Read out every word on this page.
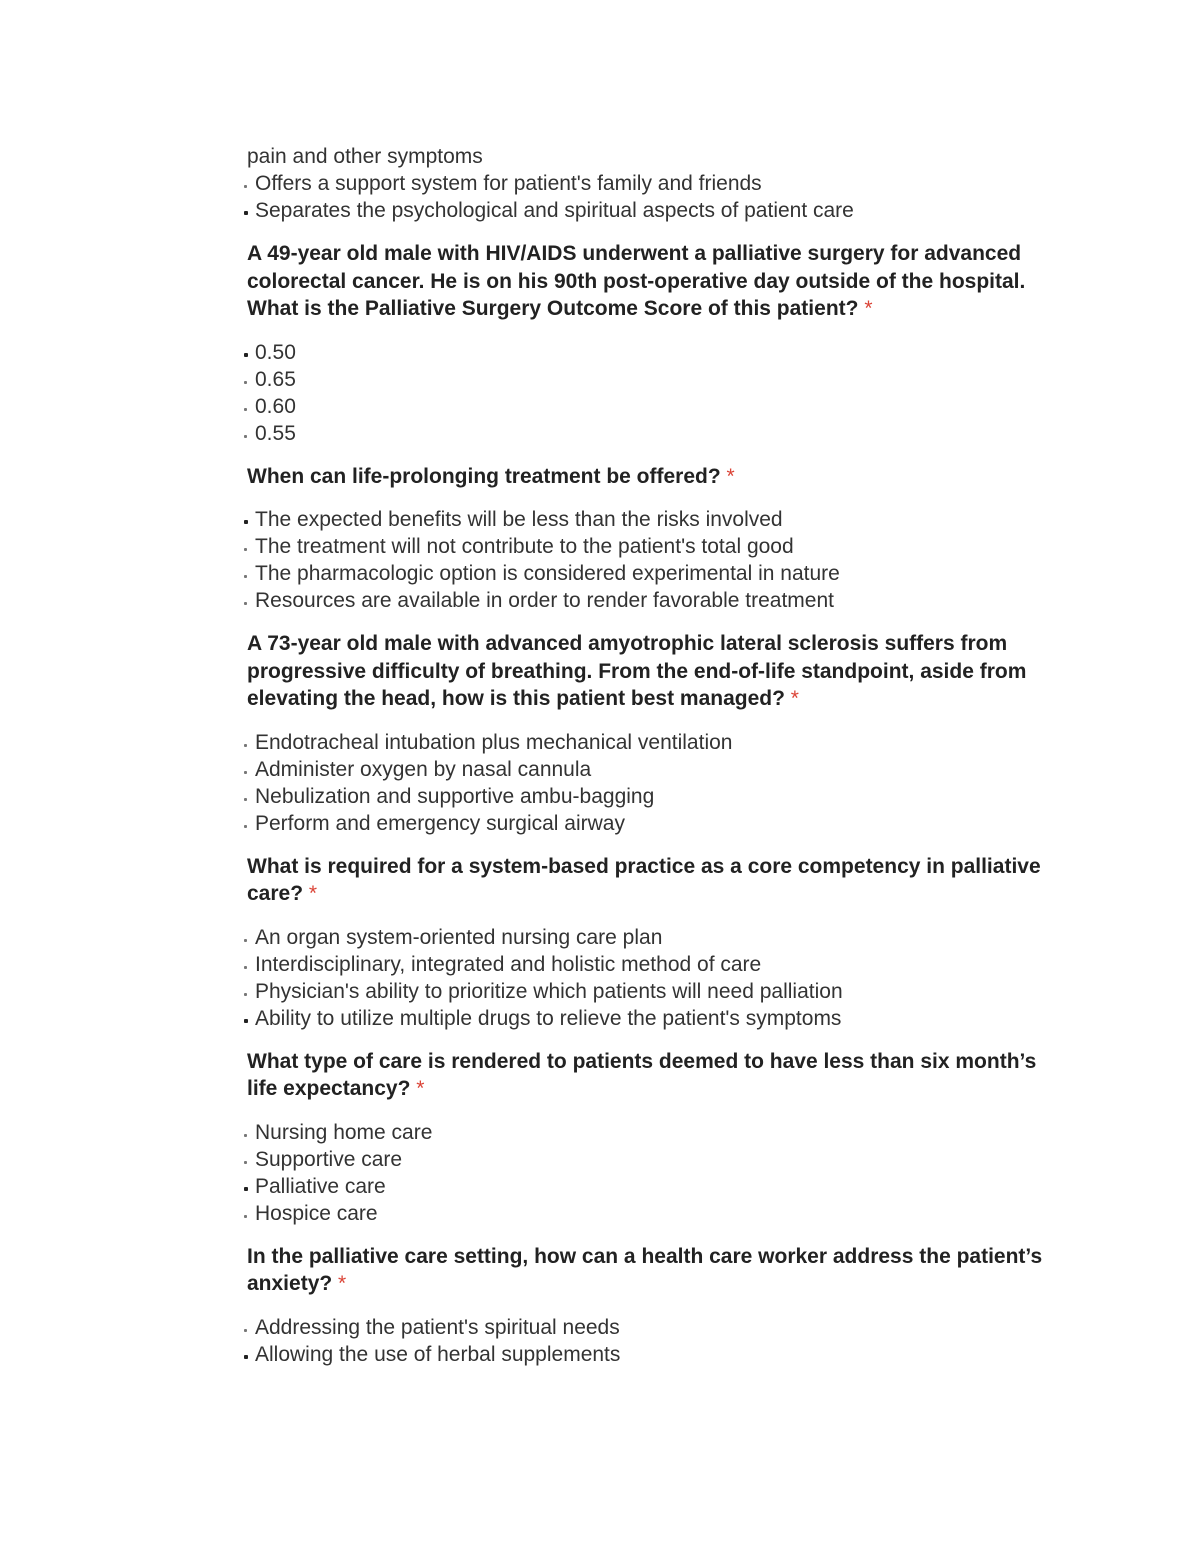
pain and other symptoms
Offers a support system for patient's family and friends
Separates the psychological and spiritual aspects of patient care
A 49-year old male with HIV/AIDS underwent a palliative surgery for advanced colorectal cancer. He is on his 90th post-operative day outside of the hospital. What is the Palliative Surgery Outcome Score of this patient? *
0.50
0.65
0.60
0.55
When can life-prolonging treatment be offered? *
The expected benefits will be less than the risks involved
The treatment will not contribute to the patient's total good
The pharmacologic option is considered experimental in nature
Resources are available in order to render favorable treatment
A 73-year old male with advanced amyotrophic lateral sclerosis suffers from progressive difficulty of breathing. From the end-of-life standpoint, aside from elevating the head, how is this patient best managed? *
Endotracheal intubation plus mechanical ventilation
Administer oxygen by nasal cannula
Nebulization and supportive ambu-bagging
Perform and emergency surgical airway
What is required for a system-based practice as a core competency in palliative care? *
An organ system-oriented nursing care plan
Interdisciplinary, integrated and holistic method of care
Physician's ability to prioritize which patients will need palliation
Ability to utilize multiple drugs to relieve the patient's symptoms
What type of care is rendered to patients deemed to have less than six month’s life expectancy? *
Nursing home care
Supportive care
Palliative care
Hospice care
In the palliative care setting, how can a health care worker address the patient’s anxiety? *
Addressing the patient's spiritual needs
Allowing the use of herbal supplements
